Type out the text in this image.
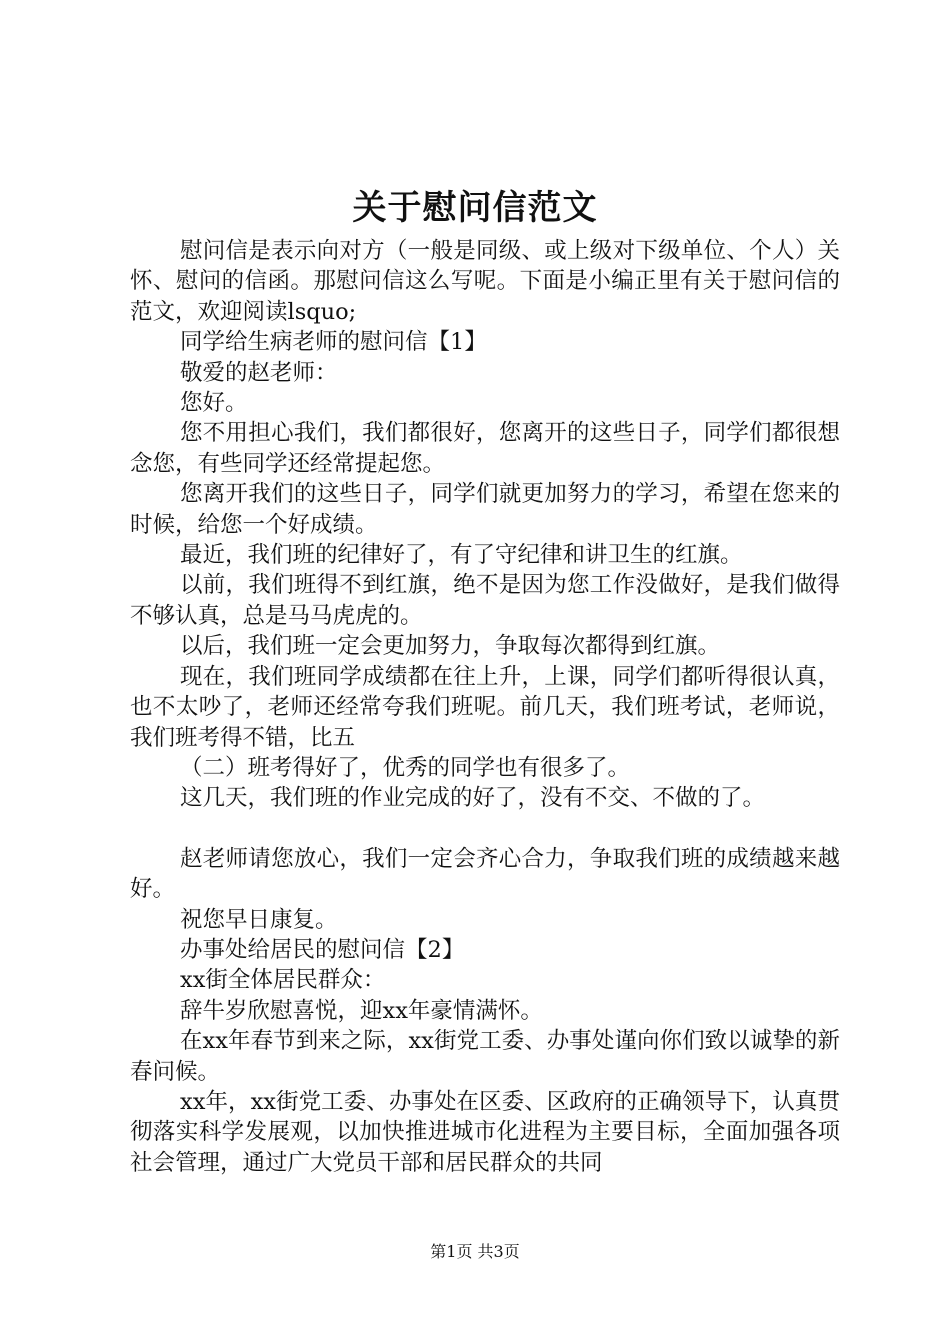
关于慰问信范文

慰问信是表示向对方（一般是同级、或上级对下级单位、个人）关怀、慰问的信函。那慰问信这么写呢。下面是小编正里有关于慰问信的范文，欢迎阅读lsquo;

同学给生病老师的慰问信【1】

敬爱的赵老师：

您好。

您不用担心我们，我们都很好，您离开的这些日子，同学们都很想念您，有些同学还经常提起您。

您离开我们的这些日子，同学们就更加努力的学习，希望在您来的时候，给您一个好成绩。

最近，我们班的纪律好了，有了守纪律和讲卫生的红旗。

以前，我们班得不到红旗，绝不是因为您工作没做好，是我们做得不够认真，总是马马虎虎的。

以后，我们班一定会更加努力，争取每次都得到红旗。

现在，我们班同学成绩都在往上升，上课，同学们都听得很认真，也不太吵了，老师还经常夸我们班呢。前几天，我们班考试，老师说，我们班考得不错，比五

（二）班考得好了，优秀的同学也有很多了。

这几天，我们班的作业完成的好了，没有不交、不做的了。

赵老师请您放心，我们一定会齐心合力，争取我们班的成绩越来越好。

祝您早日康复。

办事处给居民的慰问信【2】

xx街全体居民群众：

辞牛岁欣慰喜悦，迎xx年豪情满怀。

在xx年春节到来之际，xx街党工委、办事处谨向你们致以诚挚的新春问候。

xx年，xx街党工委、办事处在区委、区政府的正确领导下，认真贯彻落实科学发展观，以加快推进城市化进程为主要目标，全面加强各项社会管理，通过广大党员干部和居民群众的共同

第1页 共3页
